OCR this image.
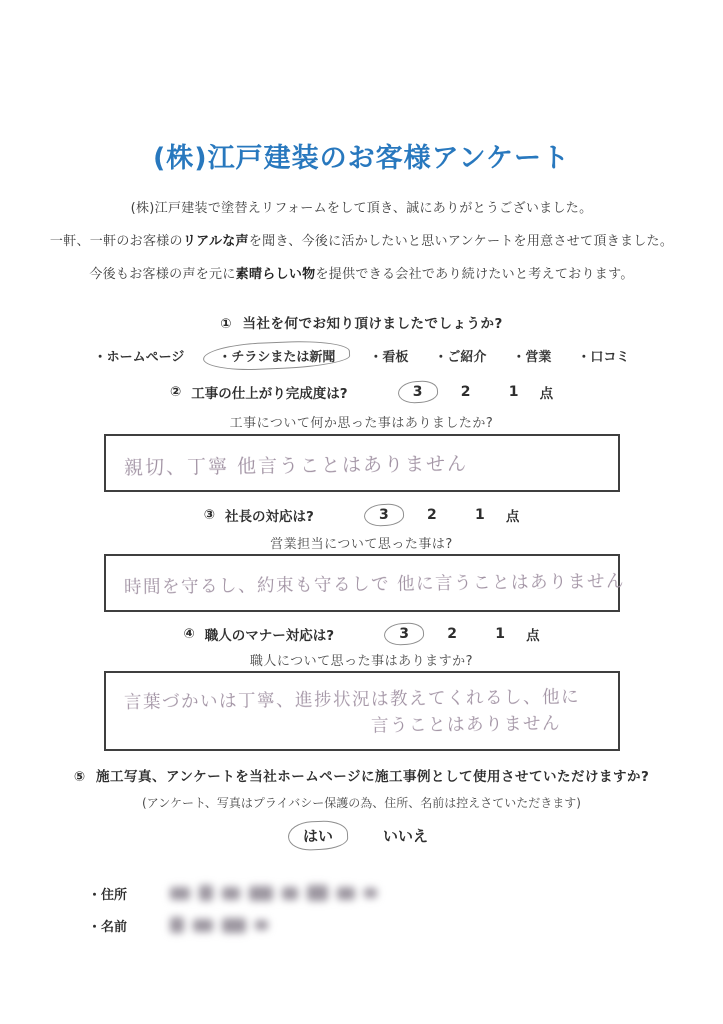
(株)江戸建装のお客様アンケート

(株)江戸建装で塗替えリフォームをして頂き、誠にありがとうございました。

一軒、一軒のお客様のリアルな声を聞き、今後に活かしたいと思いアンケートを用意させて頂きました。

今後もお客様の声を元に素晴らしい物を提供できる会社であり続けたいと考えております。

① 当社を何でお知り頂けましたでしょうか?
・ホームページ	・チラシまたは新聞	・看板 ・ご紹介 ・営業 ・口コミ
② 工事の仕上がり完成度は?	3	2	1 点
工事について何か思った事はありましたか?
親切、丁寧 他言うことはありません
③ 社長の対応は?	3	2	1 点
営業担当について思った事は?
時間を守るし、約束も守るしで 他に言うことはありません
④ 職人のマナー対応は?	3	2	1 点
職人について思った事はありますか?
言葉づかいは丁寧、進捗状況は教えてくれるし、他に
言うことはありません
⑤ 施工写真、アンケートを当社ホームページに施工事例として使用させていただけますか?
(アンケート、写真はプライバシー保護の為、住所、名前は控えさていただきます)
はい	いいえ
・住所
・名前
